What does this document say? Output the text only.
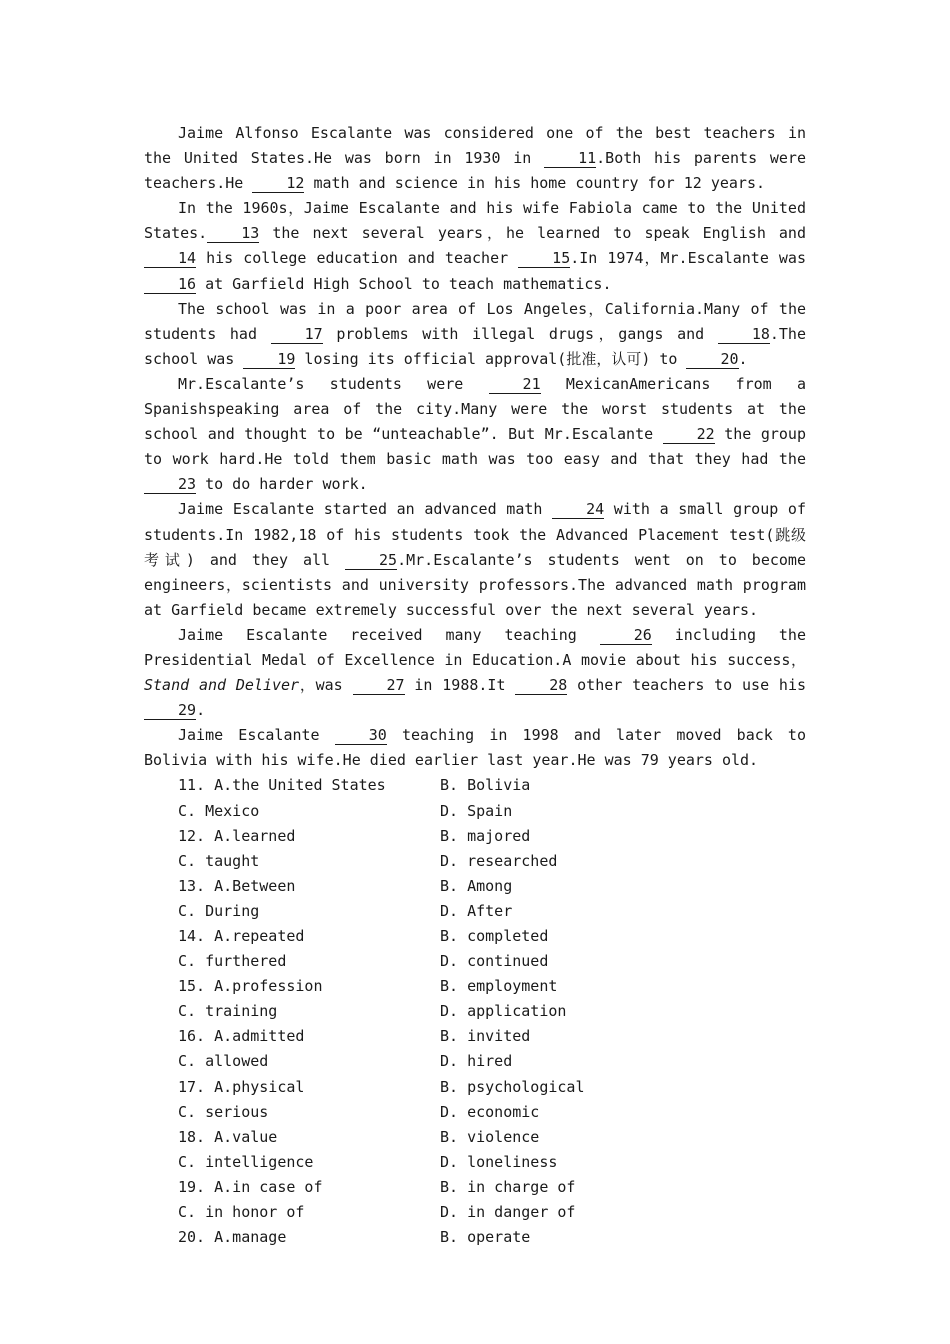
Jaime Alfonso Escalante was considered one of the best teachers in the United States.He was born in 1930 in 11.Both his parents were teachers.He 12 math and science in his home country for 12 years.

In the 1960s，Jaime Escalante and his wife Fabiola came to the United States. 13 the next several years，he learned to speak English and 14 his college education and teacher 15.In 1974，Mr.Escalante was 16 at Garfield High School to teach mathematics.

The school was in a poor area of Los Angeles，California.Many of the students had 17 problems with illegal drugs，gangs and 18.The school was 19 losing its official approval(批准，认可) to 20.

Mr.Escalante’s students were 21 MexicanAmericans from a Spanishspeaking area of the city.Many were the worst students at the school and thought to be “unteachable”. But Mr.Escalante 22 the group to work hard.He told them basic math was too easy and that they had the 23 to do harder work.

Jaime Escalante started an advanced math 24 with a small group of students.In 1982,18 of his students took the Advanced Placement test(跳级考试) and they all 25.Mr.Escalante’s students went on to become engineers，scientists and university professors.The advanced math program at Garfield became extremely successful over the next several years.

Jaime Escalante received many teaching 26 including the Presidential Medal of Excellence in Education.A movie about his success，Stand and Deliver，was 27 in 1988.It 28 other teachers to use his 29.

Jaime Escalante 30 teaching in 1998 and later moved back to Bolivia with his wife.He died earlier last year.He was 79 years old.

11. A.the United States	B. Bolivia
C. Mexico	D. Spain
12. A.learned	B. majored
C. taught	D. researched
13. A.Between	B. Among
C. During	D. After
14. A.repeated	B. completed
C. furthered	D. continued
15. A.profession	B. employment
C. training	D. application
16. A.admitted	B. invited
C. allowed	D. hired
17. A.physical	B. psychological
C. serious	D. economic
18. A.value	B. violence
C. intelligence	D. loneliness
19. A.in case of	B. in charge of
C. in honor of	D. in danger of
20. A.manage	B. operate
